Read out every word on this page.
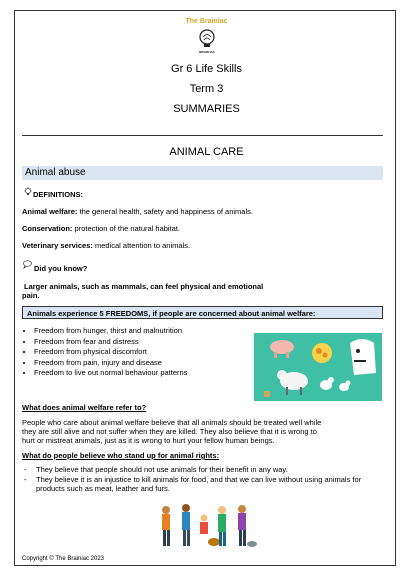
The Brainiac
BRAIN IAC
Gr 6 Life Skills
Term 3
SUMMARIES
ANIMAL CARE
Animal abuse
DEFINITIONS:
Animal welfare: the general health, safety and happiness of animals.
Conservation: protection of the natural habitat.
Veterinary services: medical attention to animals.
Did you know?
Larger animals, such as mammals, can feel physical and emotional
pain.
Animals experience 5 FREEDOMS, if people are concerned about animal welfare:
• Freedom from hunger, thirst and malnutrition
• Freedom from fear and distress
• Freedom from physical discomfort
• Freedom from pain, injury and disease
• Freedom to live out normal behaviour patterns
What does animal welfare refer to?
People who care about animal welfare believe that all animals should be treated well while
they are still alive and not suffer when they are killed. They also believe that it is wrong to
hurt or mistreat animals, just as it is wrong to hurt your fellow human beings.
What do people believe who stand up for animal rights:
- They believe that people should not use animals for their benefit in any way.
- They believe it is an injustice to kill animals for food, and that we can live without using animals for products such as meat, leather and furs.
Copyright © The Brainiac 2023
